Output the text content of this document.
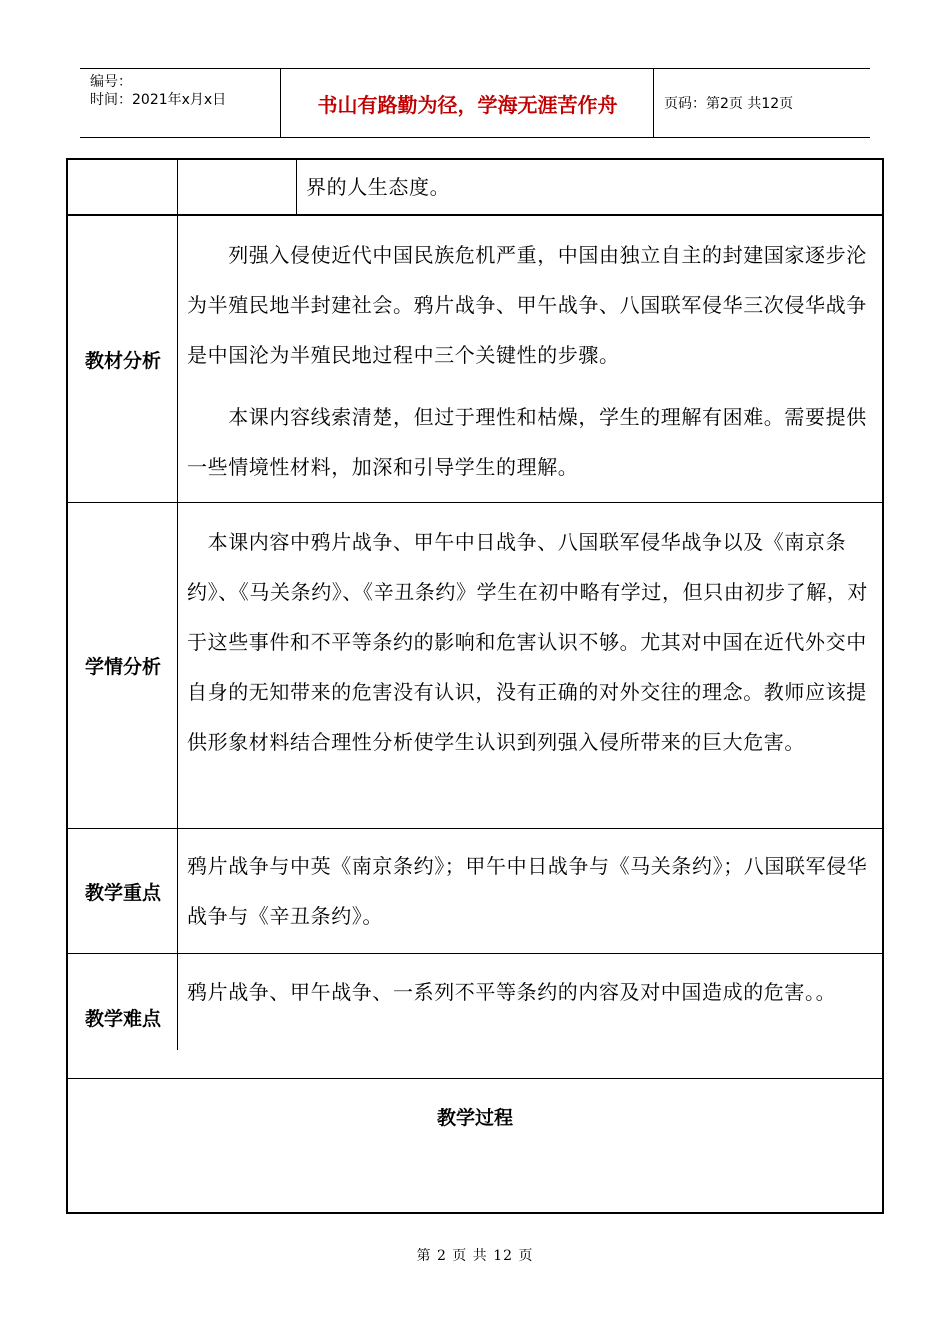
编号：
时间：2021年x月x日	书山有路勤为径，学海无涯苦作舟	页码：第2页 共12页

界的人生态度。

教材分析

　　列强入侵使近代中国民族危机严重，中国由独立自主的封建国家逐步沦为半殖民地半封建社会。鸦片战争、甲午战争、八国联军侵华三次侵华战争是中国沦为半殖民地过程中三个关键性的步骤。

　　本课内容线索清楚，但过于理性和枯燥，学生的理解有困难。需要提供一些情境性材料，加深和引导学生的理解。

学情分析

　本课内容中鸦片战争、甲午中日战争、八国联军侵华战争以及《南京条约》、《马关条约》、《辛丑条约》学生在初中略有学过，但只由初步了解，对于这些事件和不平等条约的影响和危害认识不够。尤其对中国在近代外交中自身的无知带来的危害没有认识，没有正确的对外交往的理念。教师应该提供形象材料结合理性分析使学生认识到列强入侵所带来的巨大危害。

教学重点

鸦片战争与中英《南京条约》；甲午中日战争与《马关条约》；八国联军侵华战争与《辛丑条约》。

教学难点

鸦片战争、甲午战争、一系列不平等条约的内容及对中国造成的危害。。

教学过程
第 2 页 共 12 页
